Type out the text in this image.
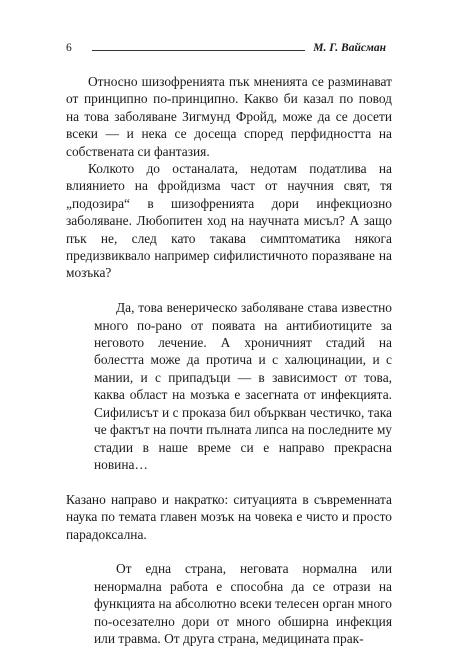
6	М. Г. Вайсман

Относно шизофренията пък мненията се разминават от принципно по-принципно. Какво би казал по повод на това заболяване Зигмунд Фройд, може да се досети всеки — и нека се досеща според перфидността на собствената си фантазия.

Колкото до останалата, недотам податлива на влиянието на фройдизма част от научния свят, тя „подозира“ в шизофренията дори инфекциозно заболяване. Любопитен ход на научната мисъл? А защо пък не, след като такава симптоматика някога предизвиквало например сифилистичното поразяване на мозъка?

Да, това венерическо заболяване става известно много по-рано от появата на антибиотиците за неговото лечение. А хроничният стадий на болестта може да протича и с халюцинации, и с мании, и с припадъци — в зависимост от това, каква област на мозъка е засегната от инфекцията. Сифилисът и с проказа бил объркван честичко, така че фактът на почти пълната липса на последните му стадии в наше време си е направо прекрасна новина…

Казано направо и накратко: ситуацията в съвременната наука по темата главен мозък на човека е чисто и просто парадоксална.

От една страна, неговата нормална или ненормална работа е способна да се отрази на функцията на абсолютно всеки телесен орган много по-осезателно дори от много обширна инфекция или травма. От друга страна, медицината прак-
